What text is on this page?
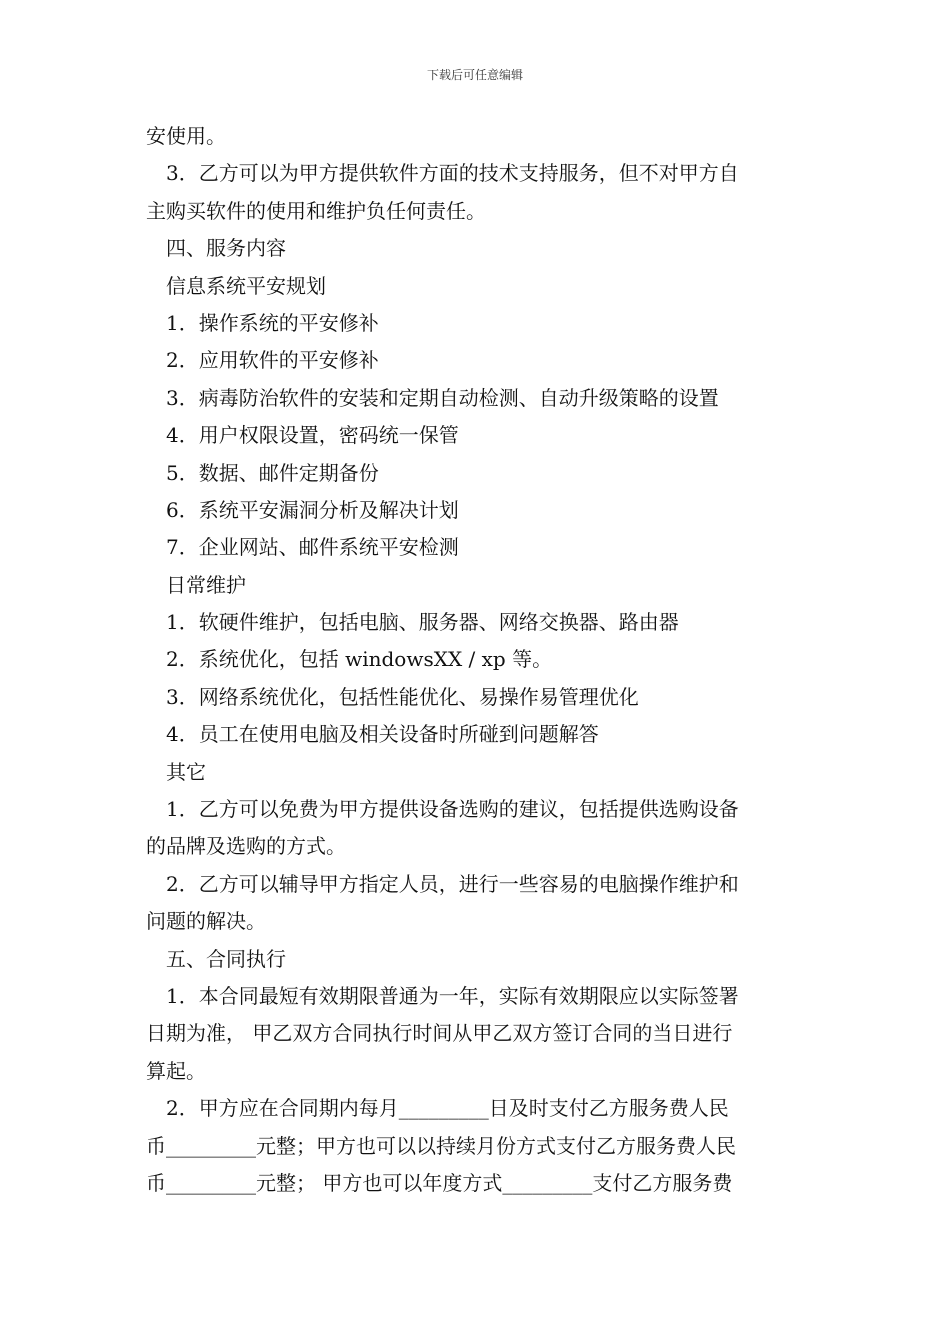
下载后可任意编辑
安使用。
3．乙方可以为甲方提供软件方面的技术支持服务，但不对甲方自
主购买软件的使用和维护负任何责任。
四、服务内容
信息系统平安规划
1．操作系统的平安修补
2．应用软件的平安修补
3．病毒防治软件的安装和定期自动检测、自动升级策略的设置
4．用户权限设置，密码统一保管
5．数据、邮件定期备份
6．系统平安漏洞分析及解决计划
7．企业网站、邮件系统平安检测
日常维护
1．软硬件维护，包括电脑、服务器、网络交换器、路由器
2．系统优化，包括 windowsXX / xp 等。
3．网络系统优化，包括性能优化、易操作易管理优化
4．员工在使用电脑及相关设备时所碰到问题解答
其它
1．乙方可以免费为甲方提供设备选购的建议，包括提供选购设备
的品牌及选购的方式。
2．乙方可以辅导甲方指定人员，进行一些容易的电脑操作维护和
问题的解决。
五、合同执行
1．本合同最短有效期限普通为一年，实际有效期限应以实际签署
日期为准， 甲乙双方合同执行时间从甲乙双方签订合同的当日进行
算起。
2．甲方应在合同期内每月_________日及时支付乙方服务费人民
币_________元整；甲方也可以以持续月份方式支付乙方服务费人民
币_________元整； 甲方也可以年度方式_________支付乙方服务费
